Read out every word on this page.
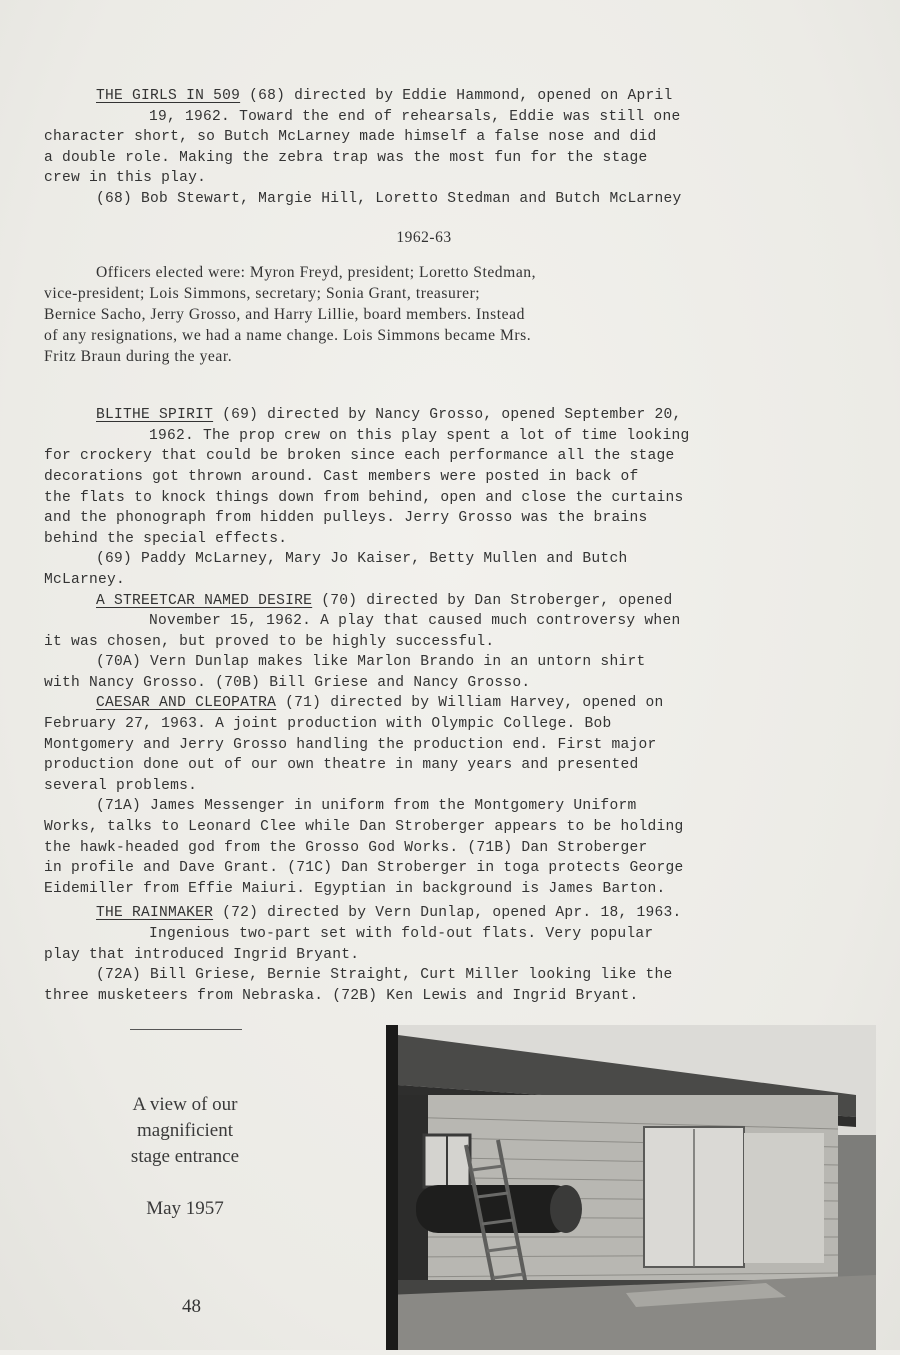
THE GIRLS IN 509 (68) directed by Eddie Hammond, opened on April

19, 1962. Toward the end of rehearsals, Eddie was still one

character short, so Butch McLarney made himself a false nose and did

a double role. Making the zebra trap was the most fun for the stage

crew in this play.

(68) Bob Stewart, Margie Hill, Loretto Stedman and Butch McLarney

1962-63

Officers elected were: Myron Freyd, president; Loretto Stedman,

vice-president; Lois Simmons, secretary; Sonia Grant, treasurer;

Bernice Sacho, Jerry Grosso, and Harry Lillie, board members. Instead

of any resignations, we had a name change. Lois Simmons became Mrs.

Fritz Braun during the year.

BLITHE SPIRIT (69) directed by Nancy Grosso, opened September 20,

1962. The prop crew on this play spent a lot of time looking

for crockery that could be broken since each performance all the stage

decorations got thrown around. Cast members were posted in back of

the flats to knock things down from behind, open and close the curtains

and the phonograph from hidden pulleys. Jerry Grosso was the brains

behind the special effects.

(69) Paddy McLarney, Mary Jo Kaiser, Betty Mullen and Butch

McLarney.

A STREETCAR NAMED DESIRE (70) directed by Dan Stroberger, opened

November 15, 1962. A play that caused much controversy when

it was chosen, but proved to be highly successful.

(70A) Vern Dunlap makes like Marlon Brando in an untorn shirt

with Nancy Grosso. (70B) Bill Griese and Nancy Grosso.

CAESAR AND CLEOPATRA (71) directed by William Harvey, opened on

February 27, 1963. A joint production with Olympic College. Bob

Montgomery and Jerry Grosso handling the production end. First major

production done out of our own theatre in many years and presented

several problems.

(71A) James Messenger in uniform from the Montgomery Uniform

Works, talks to Leonard Clee while Dan Stroberger appears to be holding

the hawk-headed god from the Grosso God Works. (71B) Dan Stroberger

in profile and Dave Grant. (71C) Dan Stroberger in toga protects George

Eidemiller from Effie Maiuri. Egyptian in background is James Barton.

THE RAINMAKER (72) directed by Vern Dunlap, opened Apr. 18, 1963.

Ingenious two-part set with fold-out flats. Very popular

play that introduced Ingrid Bryant.

(72A) Bill Griese, Bernie Straight, Curt Miller looking like the

three musketeers from Nebraska. (72B) Ken Lewis and Ingrid Bryant.

A view of our
magnificient
stage entrance
May 1957
48
